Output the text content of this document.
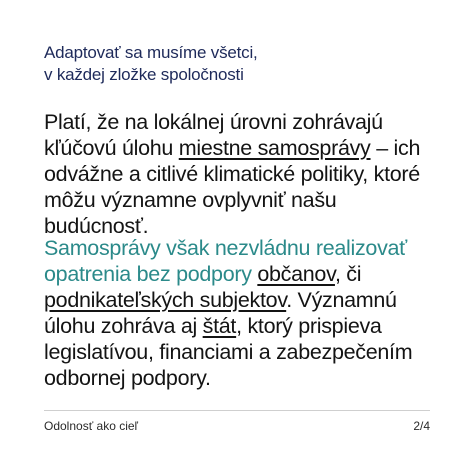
Adaptovať sa musíme všetci,
v každej zložke spoločnosti

Platí, že na lokálnej úrovni zohrávajú kľúčovú úlohu miestne samosprávy – ich odvážne a citlivé klimatické politiky, ktoré môžu významne ovplyvniť našu budúcnosť.

Samosprávy však nezvládnu realizovať opatrenia bez podpory občanov, či podnikateľských subjektov. Významnú úlohu zohráva aj štát, ktorý prispieva legislatívou, financiami a zabezpečením odbornej podpory.

Odolnosť ako cieľ	2/4
